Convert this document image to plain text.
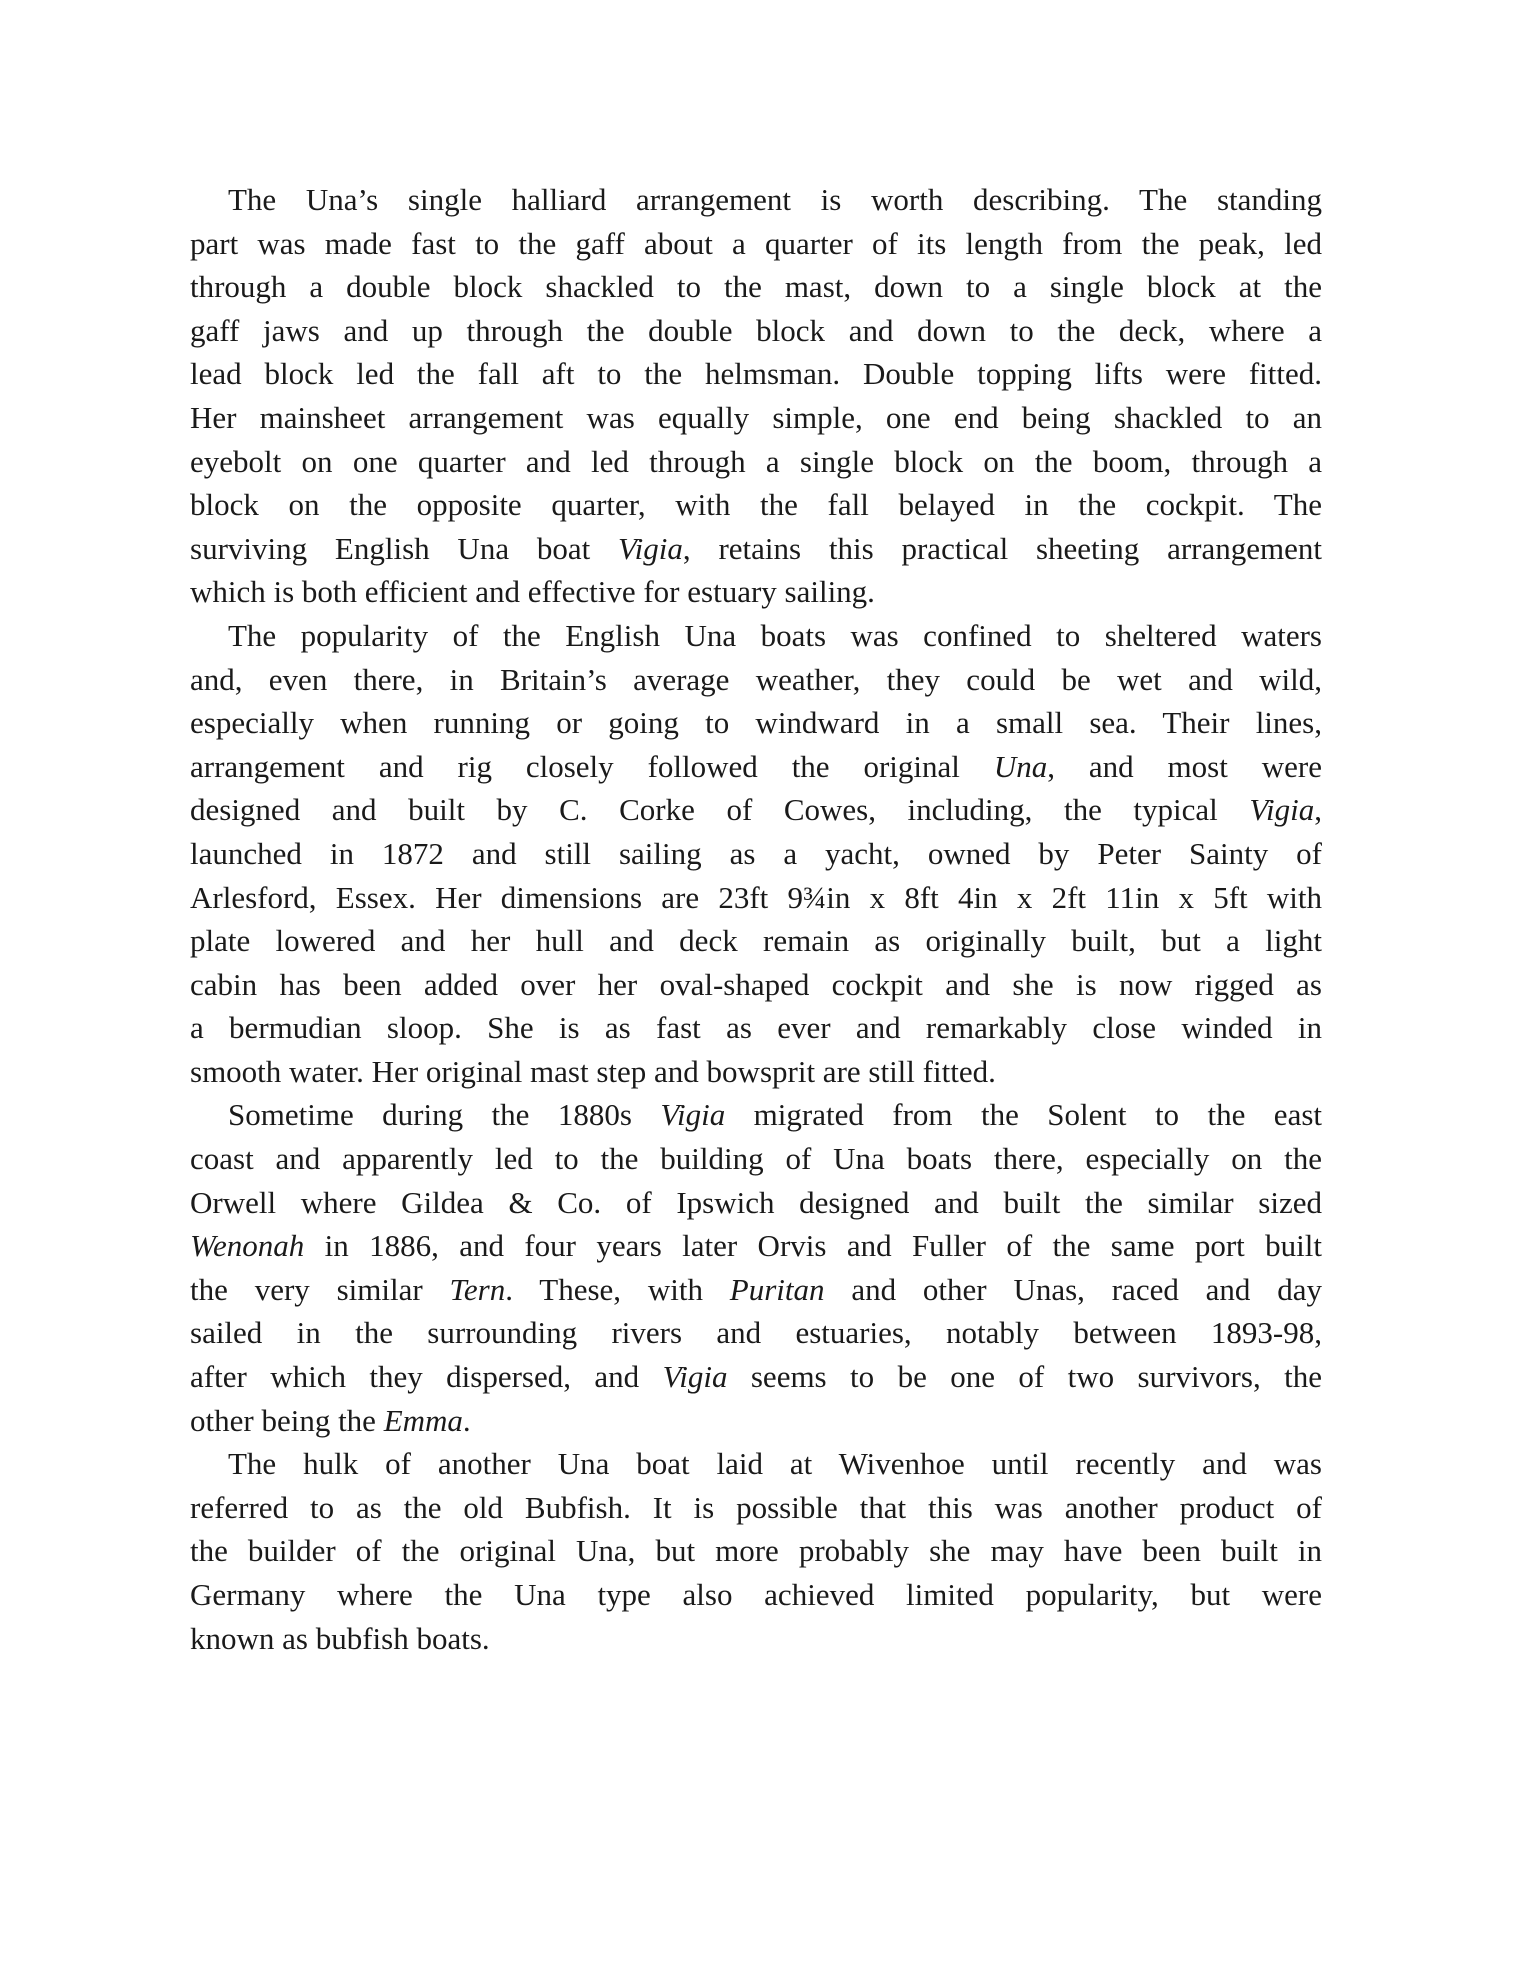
The Una’s single halliard arrangement is worth describing. The standing
part was made fast to the gaff about a quarter of its length from the peak, led
through a double block shackled to the mast, down to a single block at the
gaff jaws and up through the double block and down to the deck, where a
lead block led the fall aft to the helmsman. Double topping lifts were fitted.
Her mainsheet arrangement was equally simple, one end being shackled to an
eyebolt on one quarter and led through a single block on the boom, through a
block on the opposite quarter, with the fall belayed in the cockpit. The
surviving English Una boat Vigia, retains this practical sheeting arrangement
which is both efficient and effective for estuary sailing.
The popularity of the English Una boats was confined to sheltered waters
and, even there, in Britain’s average weather, they could be wet and wild,
especially when running or going to windward in a small sea. Their lines,
arrangement and rig closely followed the original Una, and most were
designed and built by C. Corke of Cowes, including, the typical Vigia,
launched in 1872 and still sailing as a yacht, owned by Peter Sainty of
Arlesford, Essex. Her dimensions are 23ft 9¾in x 8ft 4in x 2ft 11in x 5ft with
plate lowered and her hull and deck remain as originally built, but a light
cabin has been added over her oval-shaped cockpit and she is now rigged as
a bermudian sloop. She is as fast as ever and remarkably close winded in
smooth water. Her original mast step and bowsprit are still fitted.
Sometime during the 1880s Vigia migrated from the Solent to the east
coast and apparently led to the building of Una boats there, especially on the
Orwell where Gildea & Co. of Ipswich designed and built the similar sized
Wenonah in 1886, and four years later Orvis and Fuller of the same port built
the very similar Tern. These, with Puritan and other Unas, raced and day
sailed in the surrounding rivers and estuaries, notably between 1893-98,
after which they dispersed, and Vigia seems to be one of two survivors, the
other being the Emma.
The hulk of another Una boat laid at Wivenhoe until recently and was
referred to as the old Bubfish. It is possible that this was another product of
the builder of the original Una, but more probably she may have been built in
Germany where the Una type also achieved limited popularity, but were
known as bubfish boats.
